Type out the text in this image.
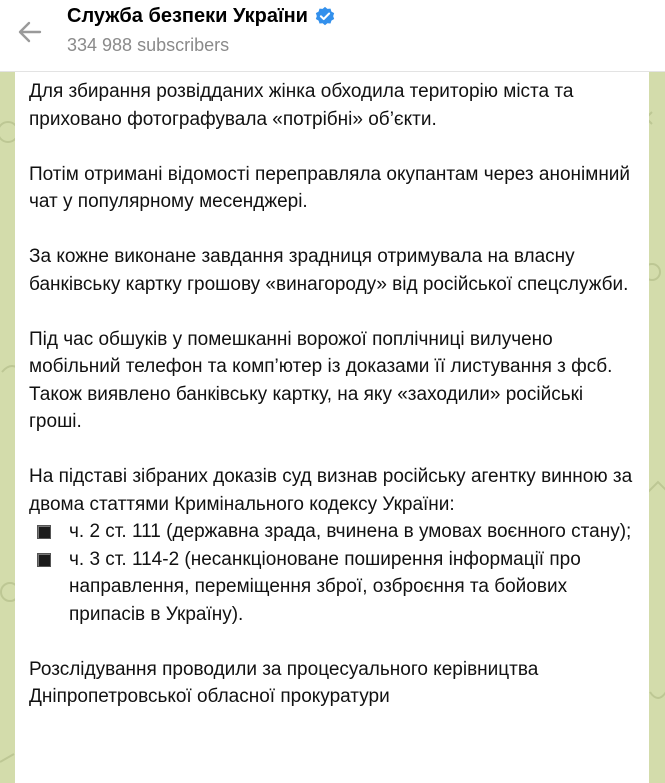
Служба безпеки України
334 988 subscribers

Для збирання розвідданих жінка обходила територію міста та приховано фотографувала «потрібні» об’єкти.

Потім отримані відомості переправляла окупантам через анонімний чат у популярному месенджері.

За кожне виконане завдання зрадниця отримувала на власну банківську картку грошову «винагороду» від російської спецслужби.

Під час обшуків у помешканні ворожої поплічниці вилучено мобільний телефон та комп’ютер із доказами її листування з фсб. Також виявлено банківську картку, на яку «заходили» російські гроші.

На підставі зібраних доказів суд визнав російську агентку винною за двома статтями Кримінального кодексу України:
ч. 2 ст. 111 (державна зрада, вчинена в умовах воєнного стану);
ч. 3 ст. 114-2 (несанкціоноване поширення інформації про направлення, переміщення зброї, озброєння та бойових припасів в Україну).

Розслідування проводили за процесуального керівництва Дніпропетровської обласної прокуратури
